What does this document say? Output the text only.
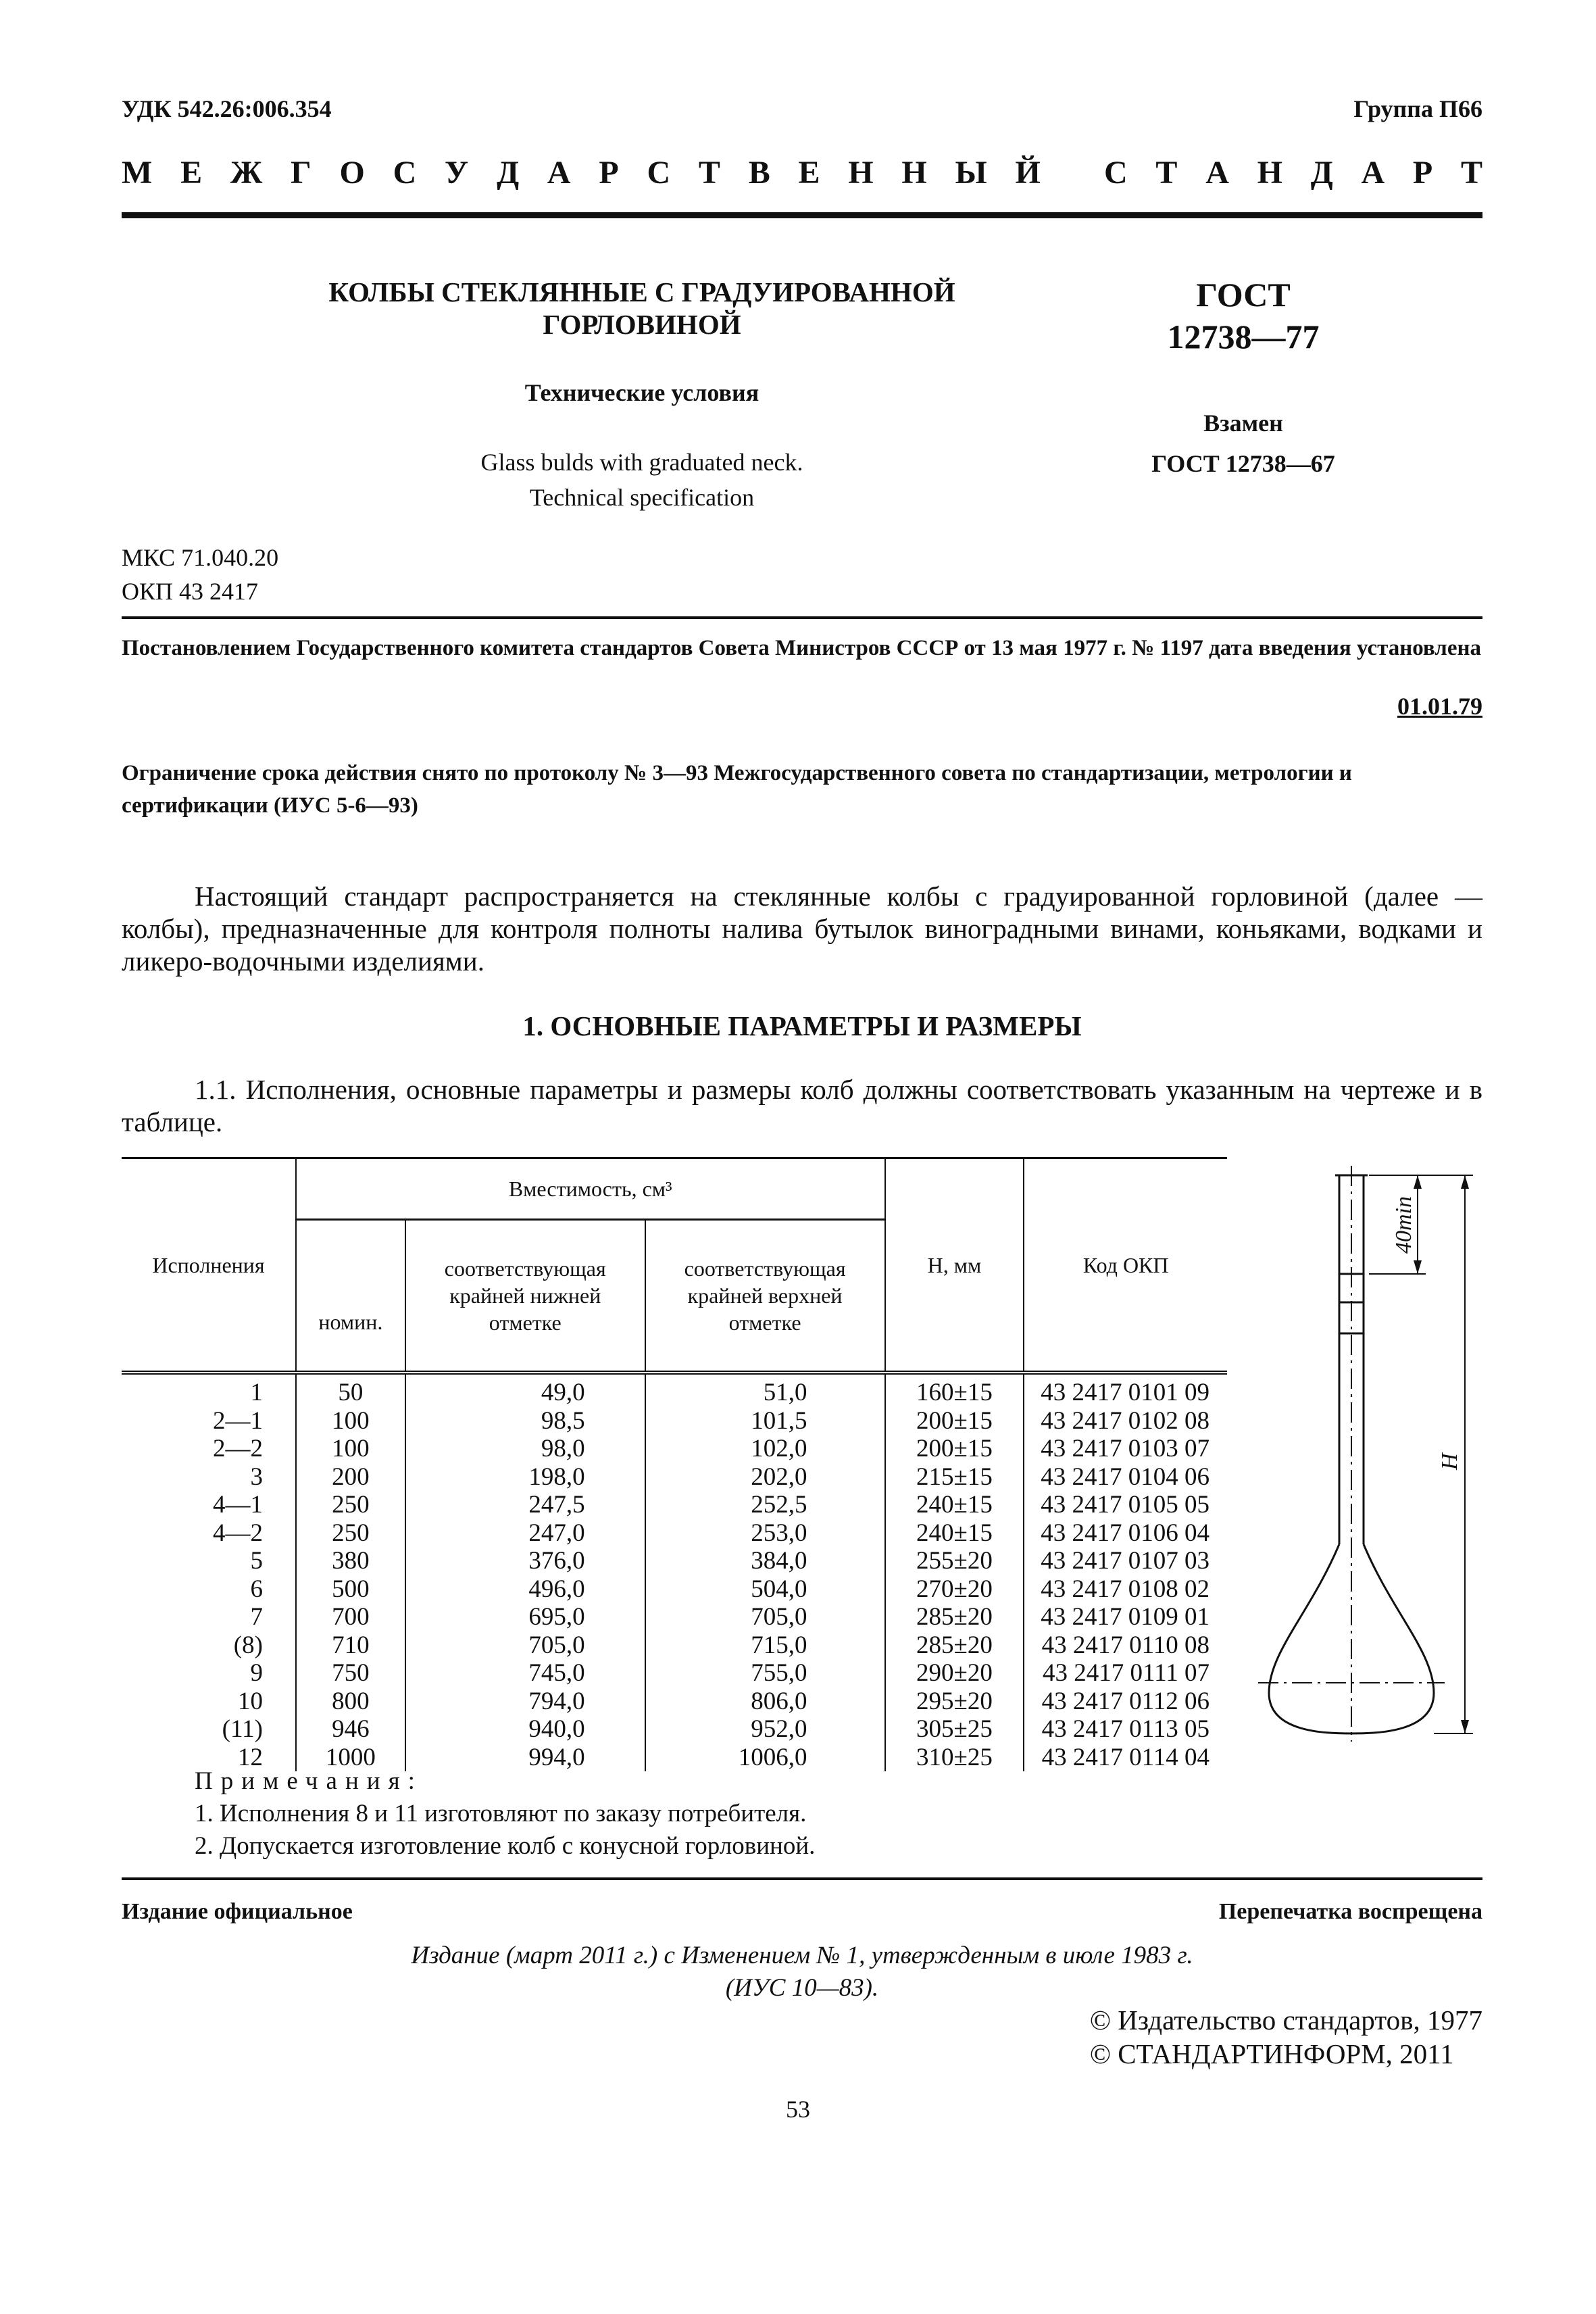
УДК 542.26:006.354	Группа П66
М Е Ж Г О С У Д А Р С Т В Е Н Н Ы Й С Т А Н Д А Р Т
КОЛБЫ СТЕКЛЯННЫЕ С ГРАДУИРОВАННОЙ
ГОРЛОВИНОЙ
Технические условия
Glass bulds with graduated neck.
Technical specification
ГОСТ
12738—77
Взамен
ГОСТ 12738—67
МКС 71.040.20
ОКП 43 2417
Постановлением Государственного комитета стандартов Совета Министров СССР от 13 мая 1977 г. № 1197 дата введения установлена
01.01.79
Ограничение срока действия снято по протоколу № 3—93 Межгосударственного совета по стандартизации, метрологии и сертификации (ИУС 5-6—93)
Настоящий стандарт распространяется на стеклянные колбы с градуированной горловиной (далее — колбы), предназначенные для контроля полноты налива бутылок виноградными винами, коньяками, водками и ликеро-водочными изделиями.
1. ОСНОВНЫЕ ПАРАМЕТРЫ И РАЗМЕРЫ
1.1. Исполнения, основные параметры и размеры колб должны соответствовать указанным на чертеже и в таблице.
Исполнения	Вместимость, см³			Н, мм	Код ОКП
	номин.	соответствующая крайней нижней отметке	соответствующая крайней верхней отметке		
1	50	49,0	51,0	160±15	43 2417 0101 09
2—1	100	98,5	101,5	200±15	43 2417 0102 08
2—2	100	98,0	102,0	200±15	43 2417 0103 07
3	200	198,0	202,0	215±15	43 2417 0104 06
4—1	250	247,5	252,5	240±15	43 2417 0105 05
4—2	250	247,0	253,0	240±15	43 2417 0106 04
5	380	376,0	384,0	255±20	43 2417 0107 03
6	500	496,0	504,0	270±20	43 2417 0108 02
7	700	695,0	705,0	285±20	43 2417 0109 01
(8)	710	705,0	715,0	285±20	43 2417 0110 08
9	750	745,0	755,0	290±20	43 2417 0111 07
10	800	794,0	806,0	295±20	43 2417 0112 06
(11)	946	940,0	952,0	305±25	43 2417 0113 05
12	1000	994,0	1006,0	310±25	43 2417 0114 04
40min
Н
Примечания:
1. Исполнения 8 и 11 изготовляют по заказу потребителя.
2. Допускается изготовление колб с конусной горловиной.
Издание официальное	Перепечатка воспрещена
Издание (март 2011 г.) с Изменением № 1, утвержденным в июле 1983 г.
(ИУС 10—83).
© Издательство стандартов, 1977
© СТАНДАРТИНФОРМ, 2011
53
